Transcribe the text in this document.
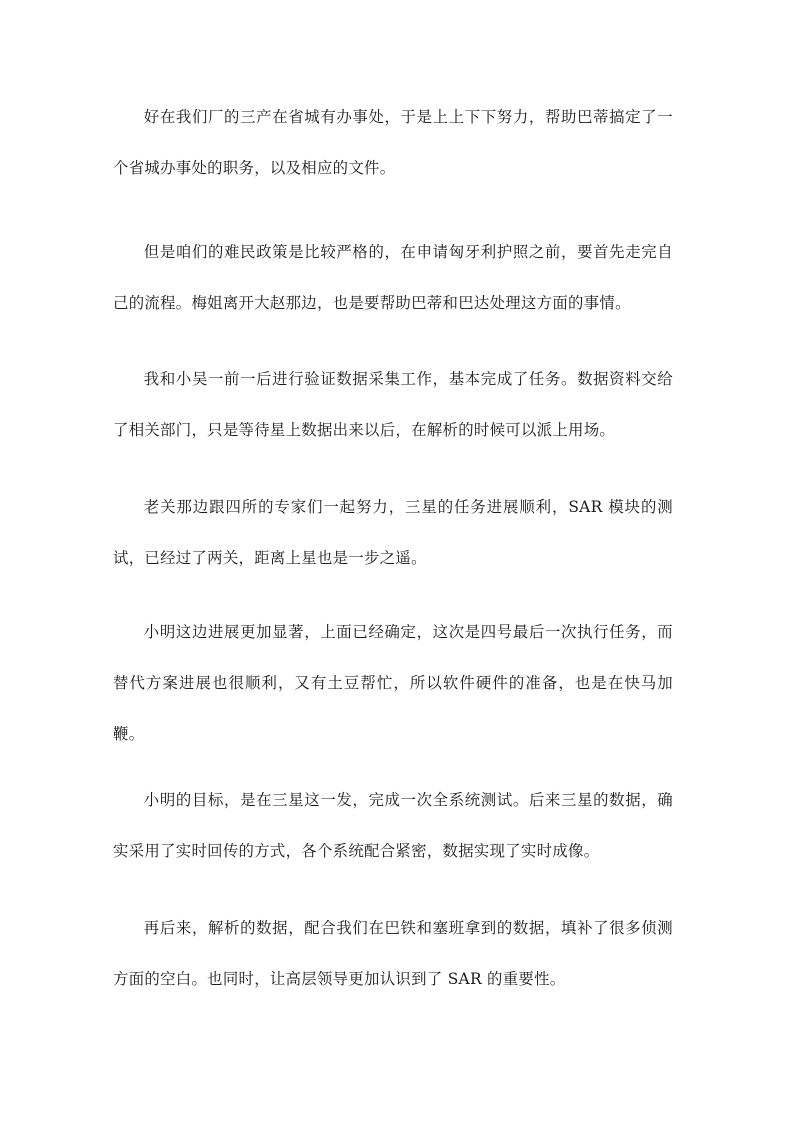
好在我们厂的三产在省城有办事处，于是上上下下努力，帮助巴蒂搞定了一个省城办事处的职务，以及相应的文件。

但是咱们的难民政策是比较严格的，在申请匈牙利护照之前，要首先走完自己的流程。梅姐离开大赵那边，也是要帮助巴蒂和巴达处理这方面的事情。

我和小吴一前一后进行验证数据采集工作，基本完成了任务。数据资料交给了相关部门，只是等待星上数据出来以后，在解析的时候可以派上用场。

老关那边跟四所的专家们一起努力，三星的任务进展顺利，SAR 模块的测试，已经过了两关，距离上星也是一步之遥。

小明这边进展更加显著，上面已经确定，这次是四号最后一次执行任务，而替代方案进展也很顺利，又有土豆帮忙，所以软件硬件的准备，也是在快马加鞭。

小明的目标，是在三星这一发，完成一次全系统测试。后来三星的数据，确实采用了实时回传的方式，各个系统配合紧密，数据实现了实时成像。

再后来，解析的数据，配合我们在巴铁和塞班拿到的数据，填补了很多侦测方面的空白。也同时，让高层领导更加认识到了 SAR 的重要性。
